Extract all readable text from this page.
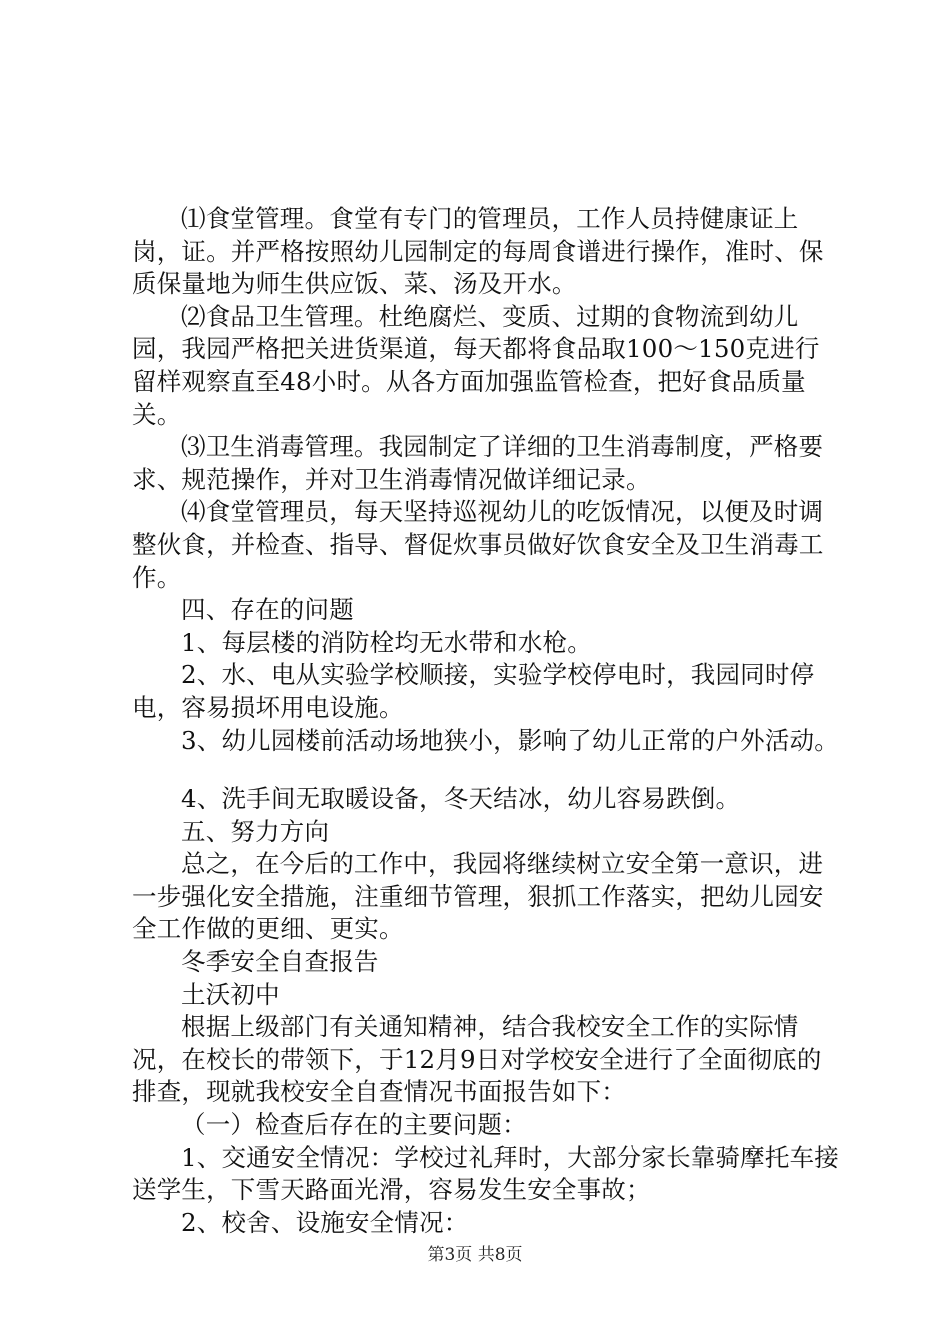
⑴食堂管理。食堂有专门的管理员，工作人员持健康证上岗，证。并严格按照幼儿园制定的每周食谱进行操作，准时、保质保量地为师生供应饭、菜、汤及开水。

⑵食品卫生管理。杜绝腐烂、变质、过期的食物流到幼儿园，我园严格把关进货渠道，每天都将食品取100～150克进行留样观察直至48小时。从各方面加强监管检查，把好食品质量关。

⑶卫生消毒管理。我园制定了详细的卫生消毒制度，严格要求、规范操作，并对卫生消毒情况做详细记录。

⑷食堂管理员，每天坚持巡视幼儿的吃饭情况，以便及时调整伙食，并检查、指导、督促炊事员做好饮食安全及卫生消毒工作。

四、存在的问题

1、每层楼的消防栓均无水带和水枪。

2、水、电从实验学校顺接，实验学校停电时，我园同时停电，容易损坏用电设施。

3、幼儿园楼前活动场地狭小，影响了幼儿正常的户外活动。

4、洗手间无取暖设备，冬天结冰，幼儿容易跌倒。

五、努力方向

总之，在今后的工作中，我园将继续树立安全第一意识，进一步强化安全措施，注重细节管理，狠抓工作落实，把幼儿园安全工作做的更细、更实。

冬季安全自查报告

土沃初中

根据上级部门有关通知精神，结合我校安全工作的实际情况，在校长的带领下，于12月9日对学校安全进行了全面彻底的排查，现就我校安全自查情况书面报告如下：

（一）检查后存在的主要问题：

1、交通安全情况：学校过礼拜时，大部分家长靠骑摩托车接送学生，下雪天路面光滑，容易发生安全事故；

2、校舍、设施安全情况：

第3页 共8页
